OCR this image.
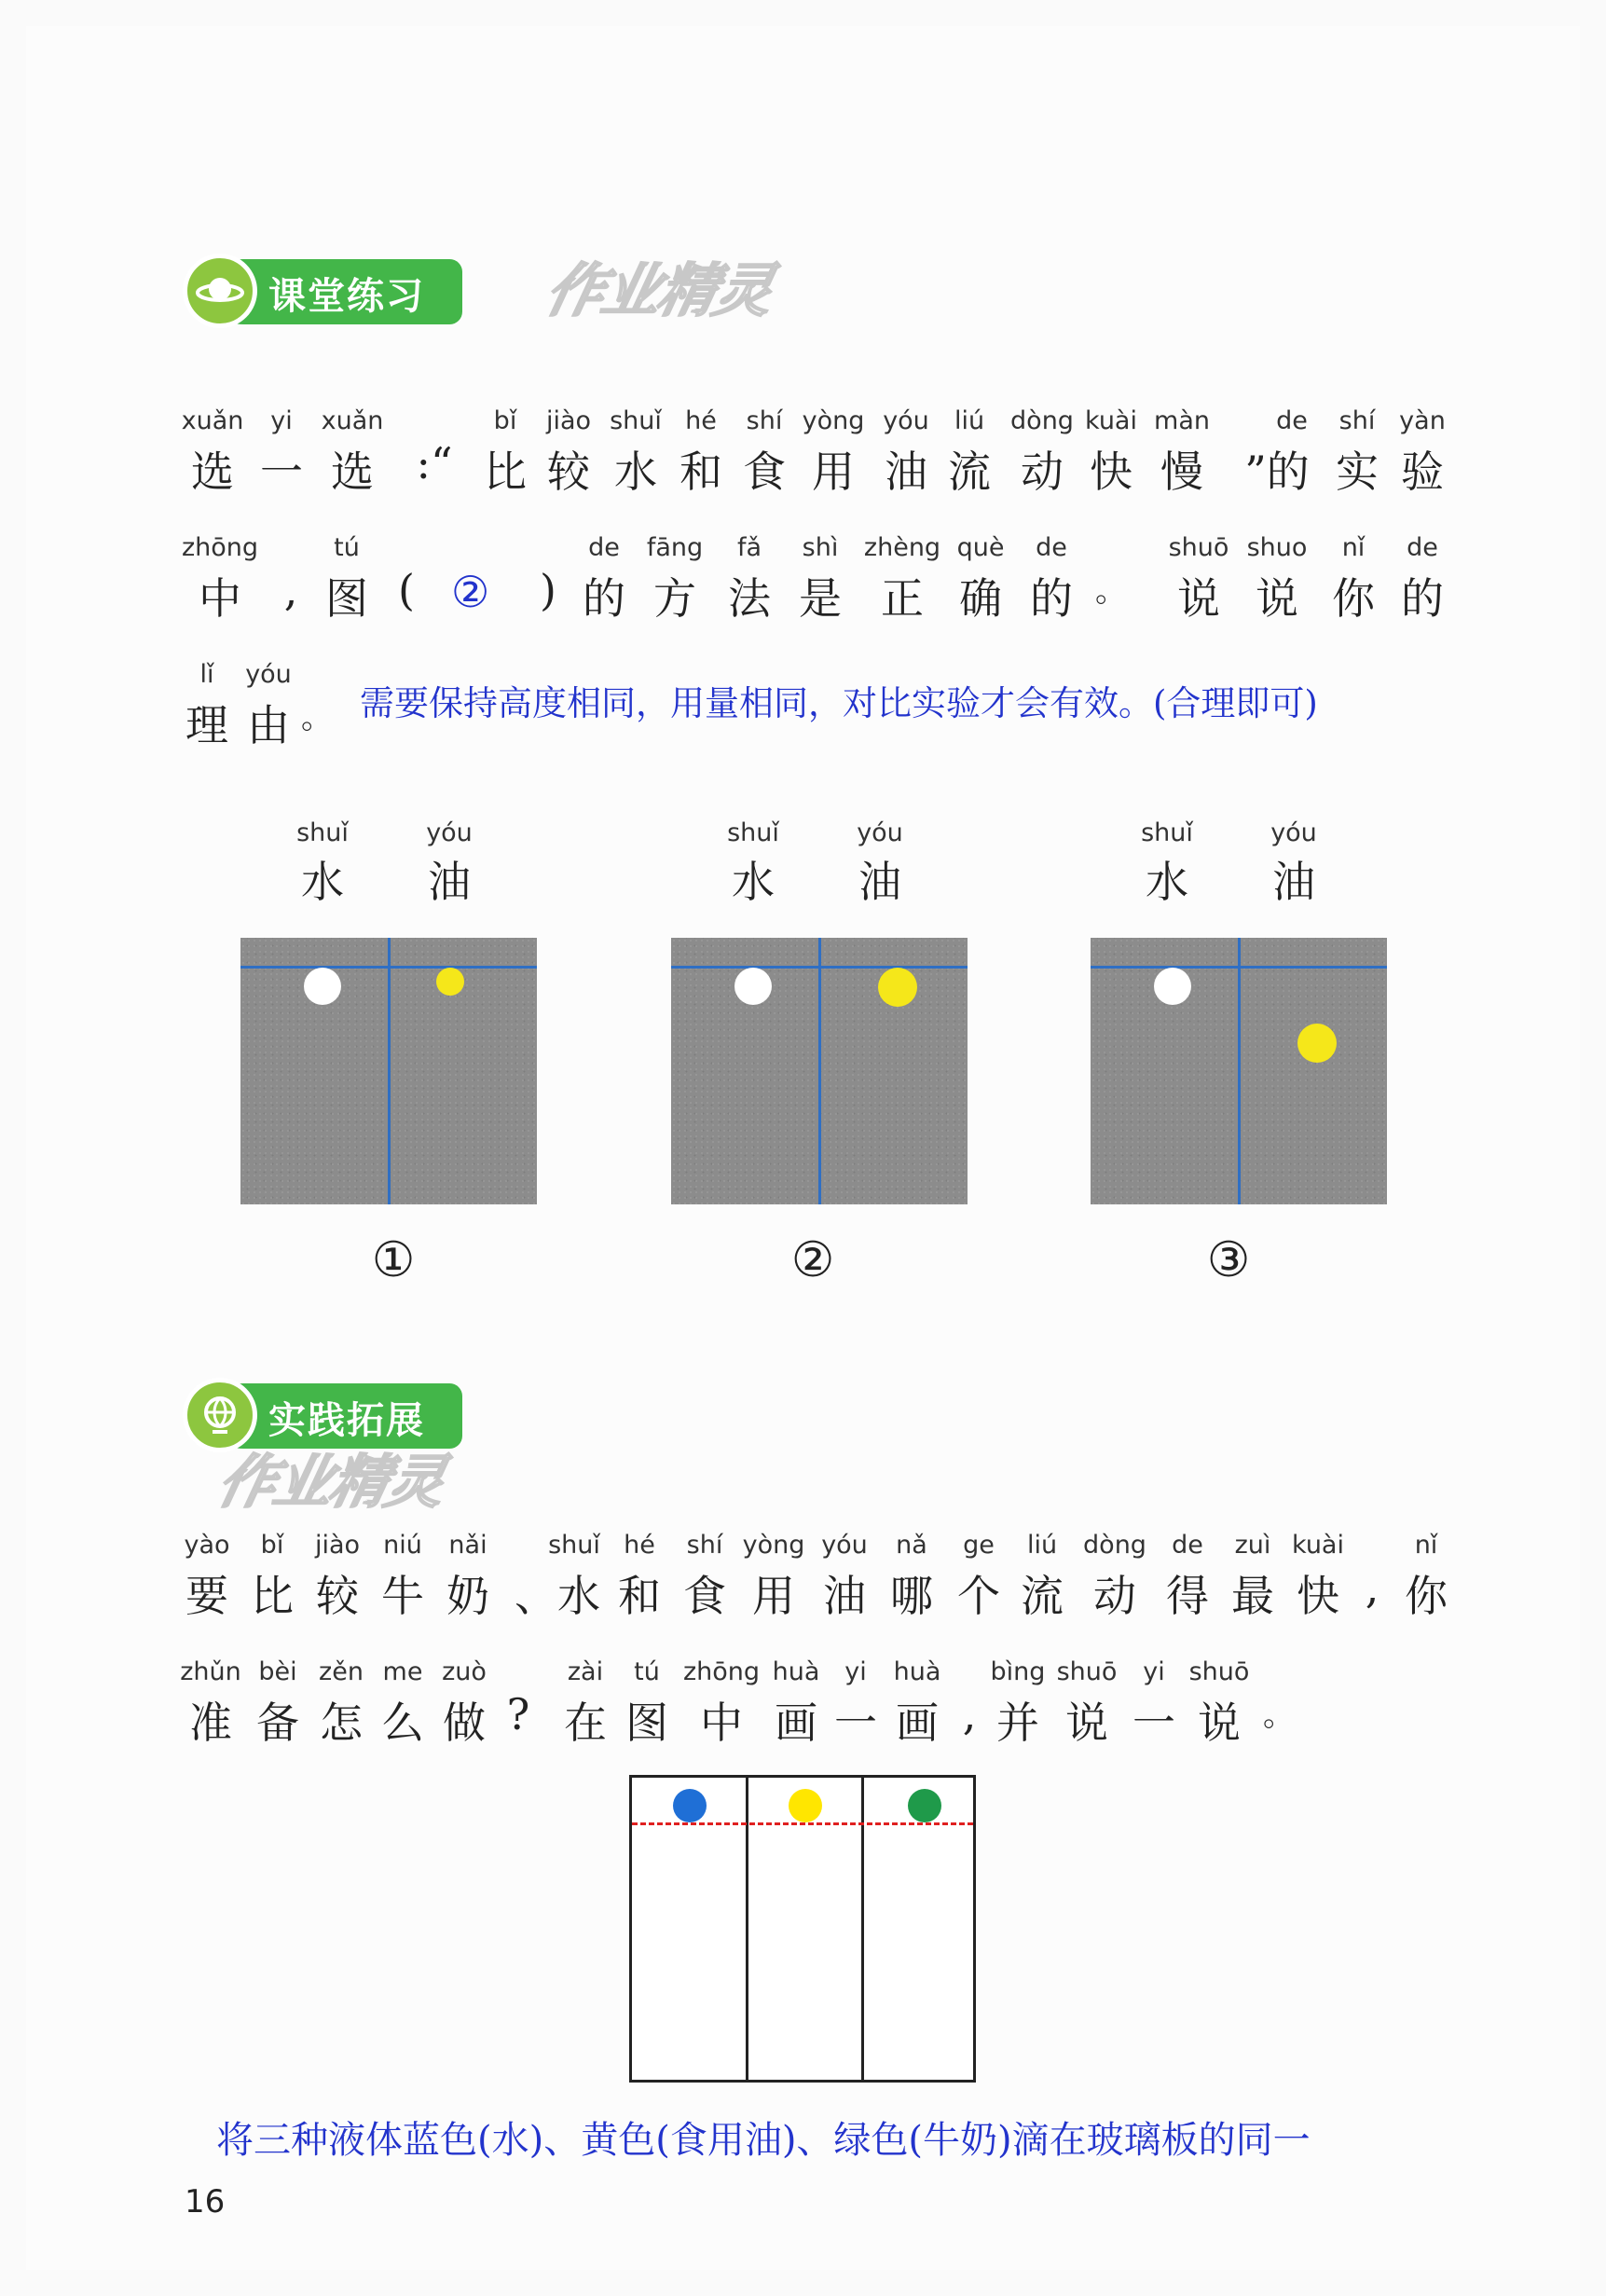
课堂练习 作业精灵
xuǎn yi xuǎn	bǐ jiào shuǐ hé shí yòng yóu liú dòng kuài màn	de shí yàn
选 一 选 :“ 比 较 水 和 食 用 油 流 动 快 慢 ”的 实 验
zhōng	tú	de fāng fǎ shì zhèng què de	shuō shuo nǐ de
中 , 图 ( ② ) 的 方 法 是 正 确 的 。 说 说 你 的
lǐ yóu
理 由 。 需要保持高度相同，用量相同，对比实验才会有效。(合理即可)
shuǐ	yóu
水 油
①
shuǐ	yóu
水 油
②
shuǐ	yóu
水 油
③
实践拓展
作业精灵
yào bǐ jiào niú nǎi shuǐ hé shí yòng yóu nǎ ge liú dòng de zuì kuài	nǐ
要 比 较 牛 奶 、水 和 食 用 油 哪 个 流 动 得 最 快 , 你
zhǔn bèi zěn me zuò	zài tú zhōng huà yi huà bìng shuō yi shuō
准 备 怎 么 做 ? 在 图 中 画 一 画 , 并 说 一 说 。
将三种液体蓝色(水)、黄色(食用油)、绿色(牛奶)滴在玻璃板的同一
16
